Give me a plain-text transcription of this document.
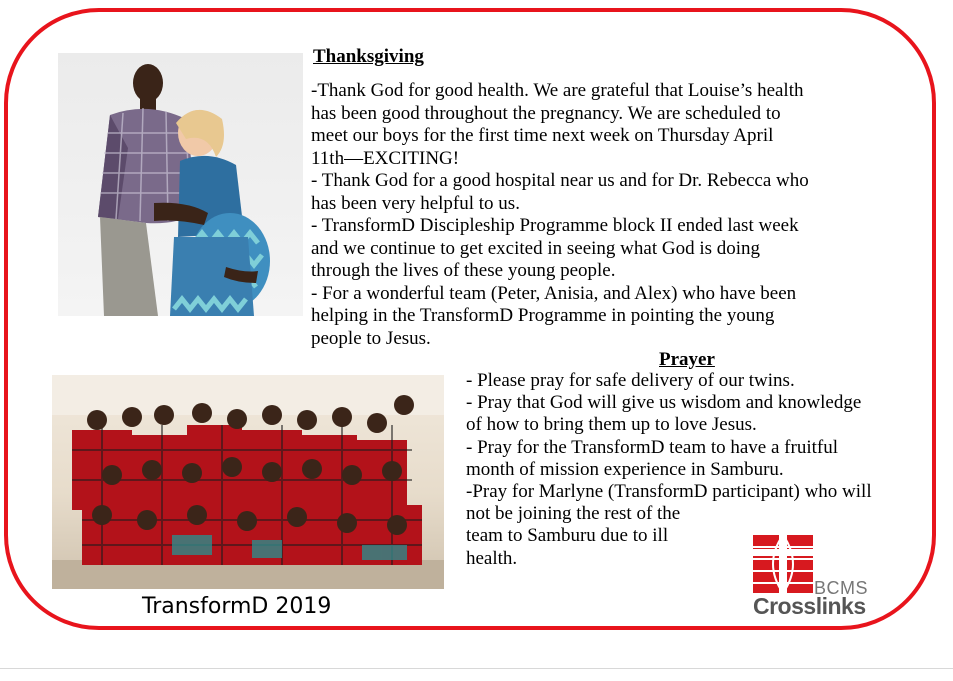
Thanksgiving
-Thank God for good health. We are grateful that Louise’s health
has been good throughout the pregnancy. We are scheduled to
meet our boys for the first time next week on Thursday April
11th—EXCITING!
- Thank God for a good hospital near us and for Dr. Rebecca who
has been very helpful to us.
- TransformD Discipleship Programme block II ended last week
and we continue to get excited in seeing what God is doing
through the lives of these young people.
- For a wonderful team (Peter, Anisia, and Alex) who have been
helping in the TransformD Programme in pointing the young
people to Jesus.
Prayer
- Please pray for safe delivery of our twins.
- Pray that God will give us wisdom and knowledge
of how to bring them up to love Jesus.
- Pray for the TransformD team to have a fruitful
month of mission experience in Samburu.
-Pray for Marlyne (TransformD participant) who will
not be joining the rest of the
team to Samburu due to ill
health.
TransformD 2019
BCMS
Crosslinks
